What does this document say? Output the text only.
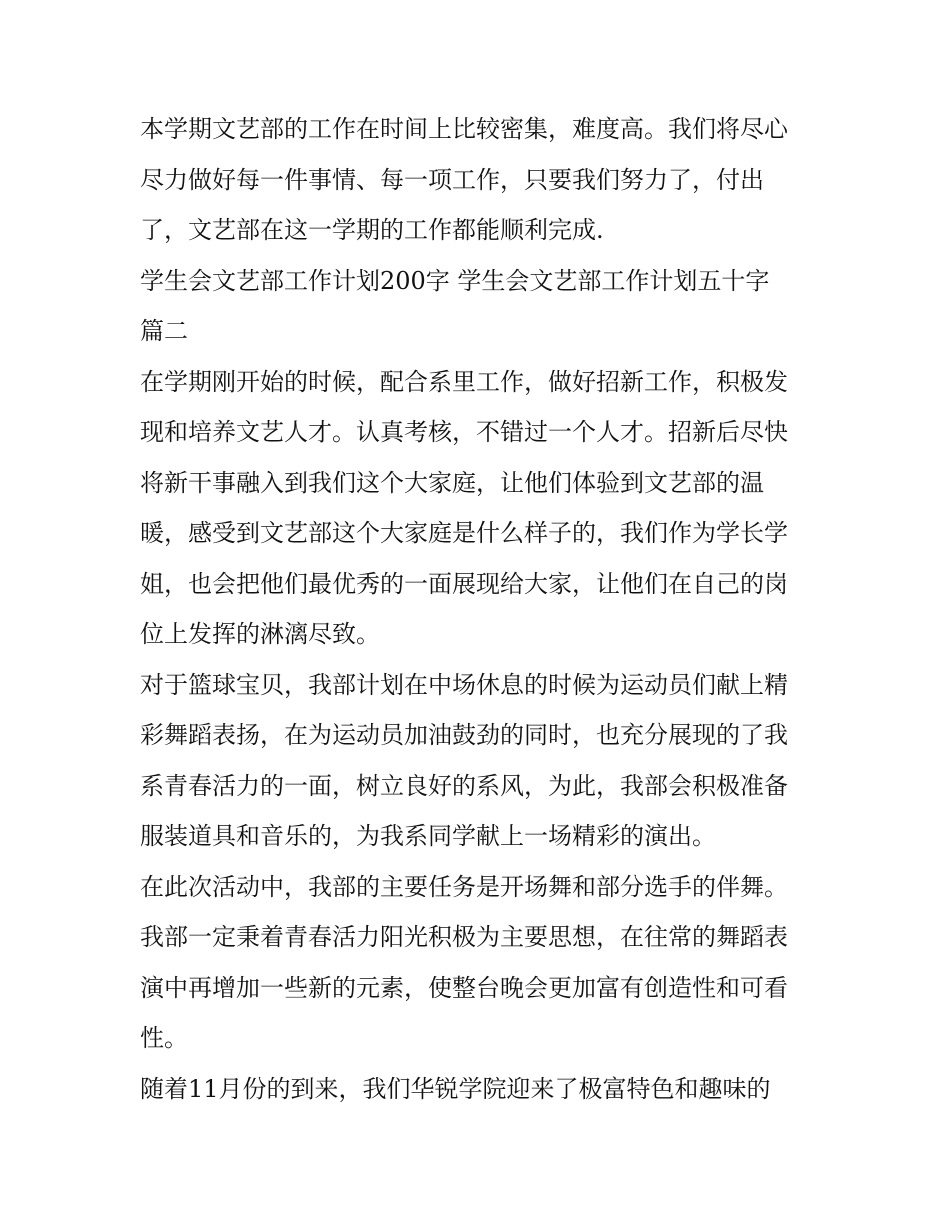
本学期文艺部的工作在时间上比较密集，难度高。我们将尽心
尽力做好每一件事情、每一项工作，只要我们努力了，付出
了，文艺部在这一学期的工作都能顺利完成.
学生会文艺部工作计划200字 学生会文艺部工作计划五十字
篇二
在学期刚开始的时候，配合系里工作，做好招新工作，积极发
现和培养文艺人才。认真考核，不错过一个人才。招新后尽快
将新干事融入到我们这个大家庭，让他们体验到文艺部的温
暖，感受到文艺部这个大家庭是什么样子的，我们作为学长学
姐，也会把他们最优秀的一面展现给大家，让他们在自己的岗
位上发挥的淋漓尽致。
对于篮球宝贝，我部计划在中场休息的时候为运动员们献上精
彩舞蹈表扬，在为运动员加油鼓劲的同时，也充分展现的了我
系青春活力的一面，树立良好的系风，为此，我部会积极准备
服装道具和音乐的，为我系同学献上一场精彩的演出。
在此次活动中，我部的主要任务是开场舞和部分选手的伴舞。
我部一定秉着青春活力阳光积极为主要思想，在往常的舞蹈表
演中再增加一些新的元素，使整台晚会更加富有创造性和可看
性。
随着11月份的到来，我们华锐学院迎来了极富特色和趣味的
